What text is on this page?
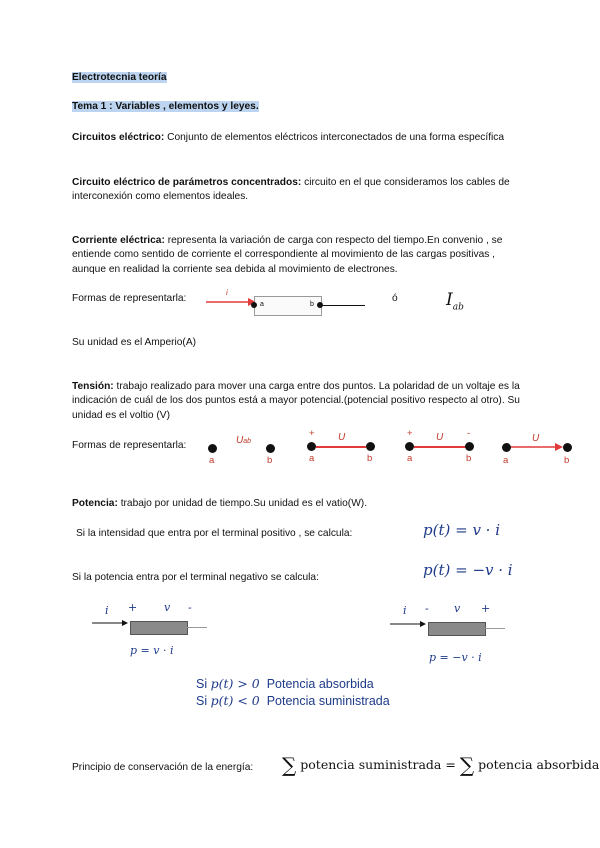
Electrotecnia teoría
Tema 1 : Variables , elementos y leyes.
Circuitos eléctrico: Conjunto de elementos eléctricos interconectados de una forma específica
Circuito eléctrico de parámetros concentrados: circuito en el que consideramos los cables de interconexión como elementos ideales.
Corriente eléctrica: representa la variación de carga con respecto del tiempo.En convenio , se entiende como sentido de corriente el correspondiente al movimiento de las cargas positivas , aunque en realidad la corriente sea debida al movimiento de electrones.
Formas de representarla:
i
a	b
ó	$I_{ab}$
Su unidad es el Amperio(A)
Tensión: trabajo realizado para mover una carga entre dos puntos. La polaridad de un voltaje es la indicación de cuál de los dos puntos está a mayor potencial.(potencial positivo respecto al otro). Su unidad es el voltio (V)
Formas de representarla:	Uab
a	b
+ U
a	b
+ U	-
a	b
U
a	b
Potencia: trabajo por unidad de tiempo.Su unidad es el vatio(W).
Si la intensidad que entra por el terminal positivo , se calcula:	p(t) = v · i
Si la potencia entra por el terminal negativo se calcula:	p(t) = −v · i
i + v -
p = v · i
i - v +
p = −v · i
Si p(t) > 0 Potencia absorbida
Si p(t) < 0 Potencia suministrada
Principio de conservación de la energía: ∑ potencia suministrada = ∑ potencia absorbida
